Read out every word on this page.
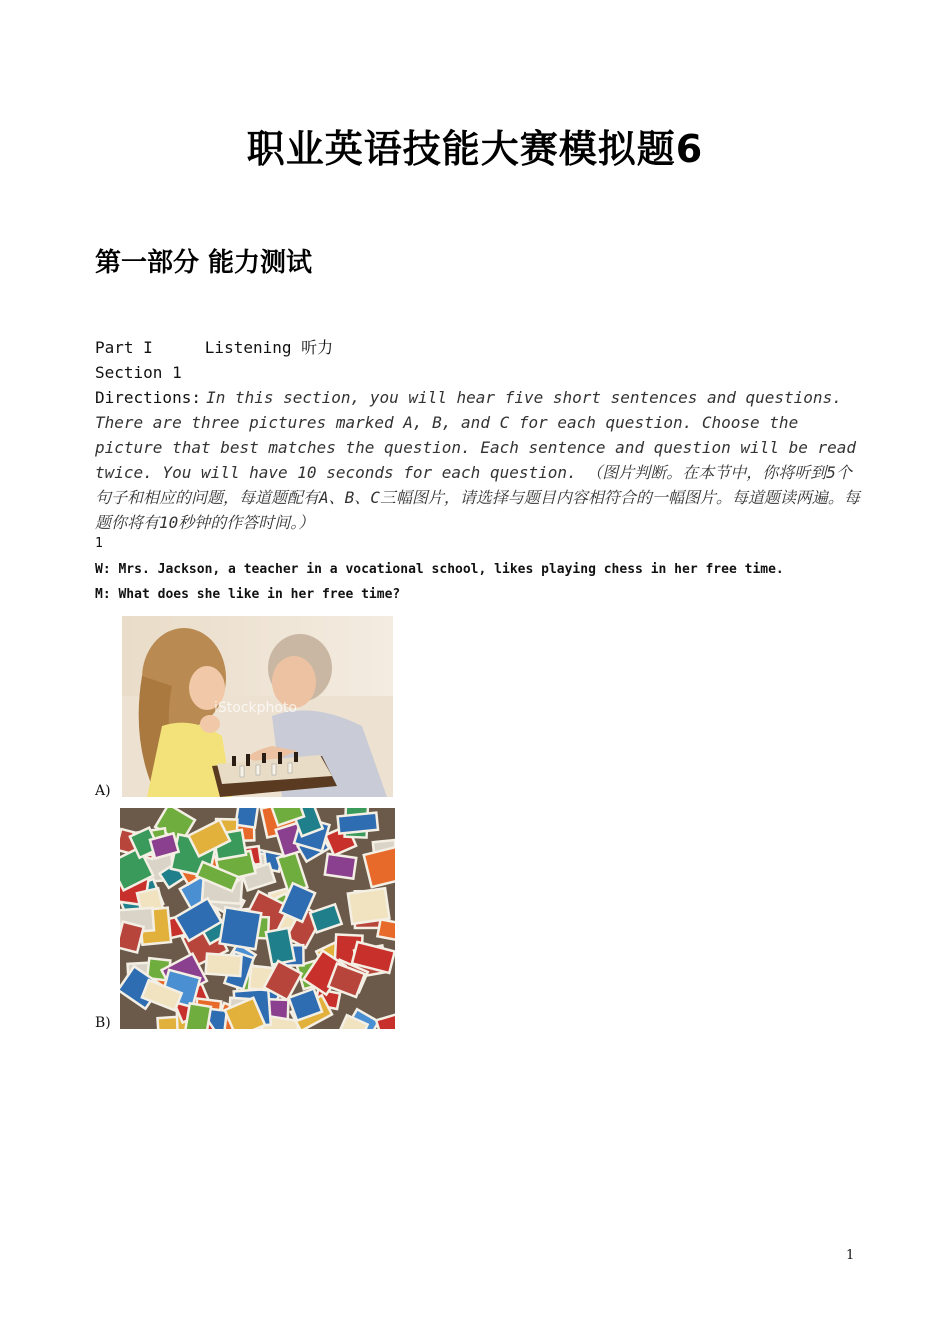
职业英语技能大赛模拟题6
第一部分 能力测试
Part I	Listening 听力
Section 1
Directions: In this section, you will hear five short sentences and questions. There are three pictures marked A, B, and C for each question. Choose the picture that best matches the question. Each sentence and question will be read twice. You will have 10 seconds for each question. （图片判断。在本节中，你将听到5个句子和相应的问题，每道题配有A、B、C三幅图片，请选择与题目内容相符合的一幅图片。每道题读两遍。每题你将有10秒钟的作答时间。）
1
W: Mrs. Jackson, a teacher in a vocational school, likes playing chess in her free time.
M: What does she like in her free time?
iStockphoto
A)
B)
1
